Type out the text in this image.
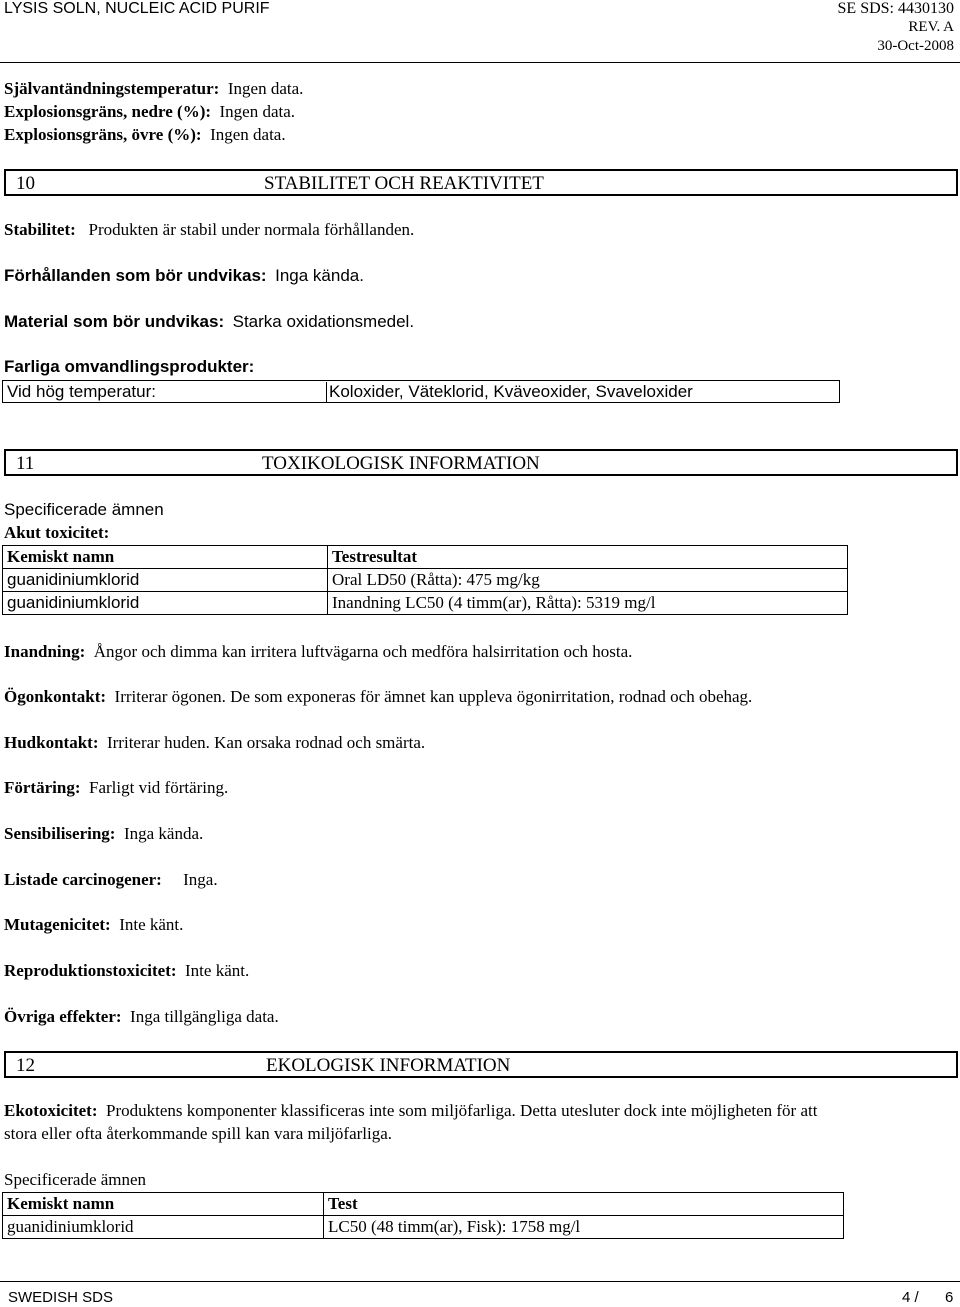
LYSIS SOLN, NUCLEIC ACID PURIF	SE SDS: 4430130
REV. A
30-Oct-2008
Självantändningstemperatur: Ingen data.
Explosionsgräns, nedre (%): Ingen data.
Explosionsgräns, övre (%): Ingen data.
10	STABILITET OCH REAKTIVITET
Stabilitet: Produkten är stabil under normala förhållanden.
Förhållanden som bör undvikas: Inga kända.
Material som bör undvikas: Starka oxidationsmedel.
Farliga omvandlingsprodukter:
Vid hög temperatur:	Koloxider, Väteklorid, Kväveoxider, Svaveloxider
11	TOXIKOLOGISK INFORMATION
Specificerade ämnen
Akut toxicitet:
Kemiskt namn	Testresultat
guanidiniumklorid	Oral LD50 (Råtta): 475 mg/kg
guanidiniumklorid	Inandning LC50 (4 timm(ar), Råtta): 5319 mg/l
Inandning: Ångor och dimma kan irritera luftvägarna och medföra halsirritation och hosta.
Ögonkontakt: Irriterar ögonen. De som exponeras för ämnet kan uppleva ögonirritation, rodnad och obehag.
Hudkontakt: Irriterar huden. Kan orsaka rodnad och smärta.
Förtäring: Farligt vid förtäring.
Sensibilisering: Inga kända.
Listade carcinogener: Inga.
Mutagenicitet: Inte känt.
Reproduktionstoxicitet: Inte känt.
Övriga effekter: Inga tillgängliga data.
12	EKOLOGISK INFORMATION
Ekotoxicitet: Produktens komponenter klassificeras inte som miljöfarliga. Detta utesluter dock inte möjligheten för att
stora eller ofta återkommande spill kan vara miljöfarliga.
Specificerade ämnen
Kemiskt namn	Test
guanidiniumklorid	LC50 (48 timm(ar), Fisk): 1758 mg/l
SWEDISH SDS	4 / 6
